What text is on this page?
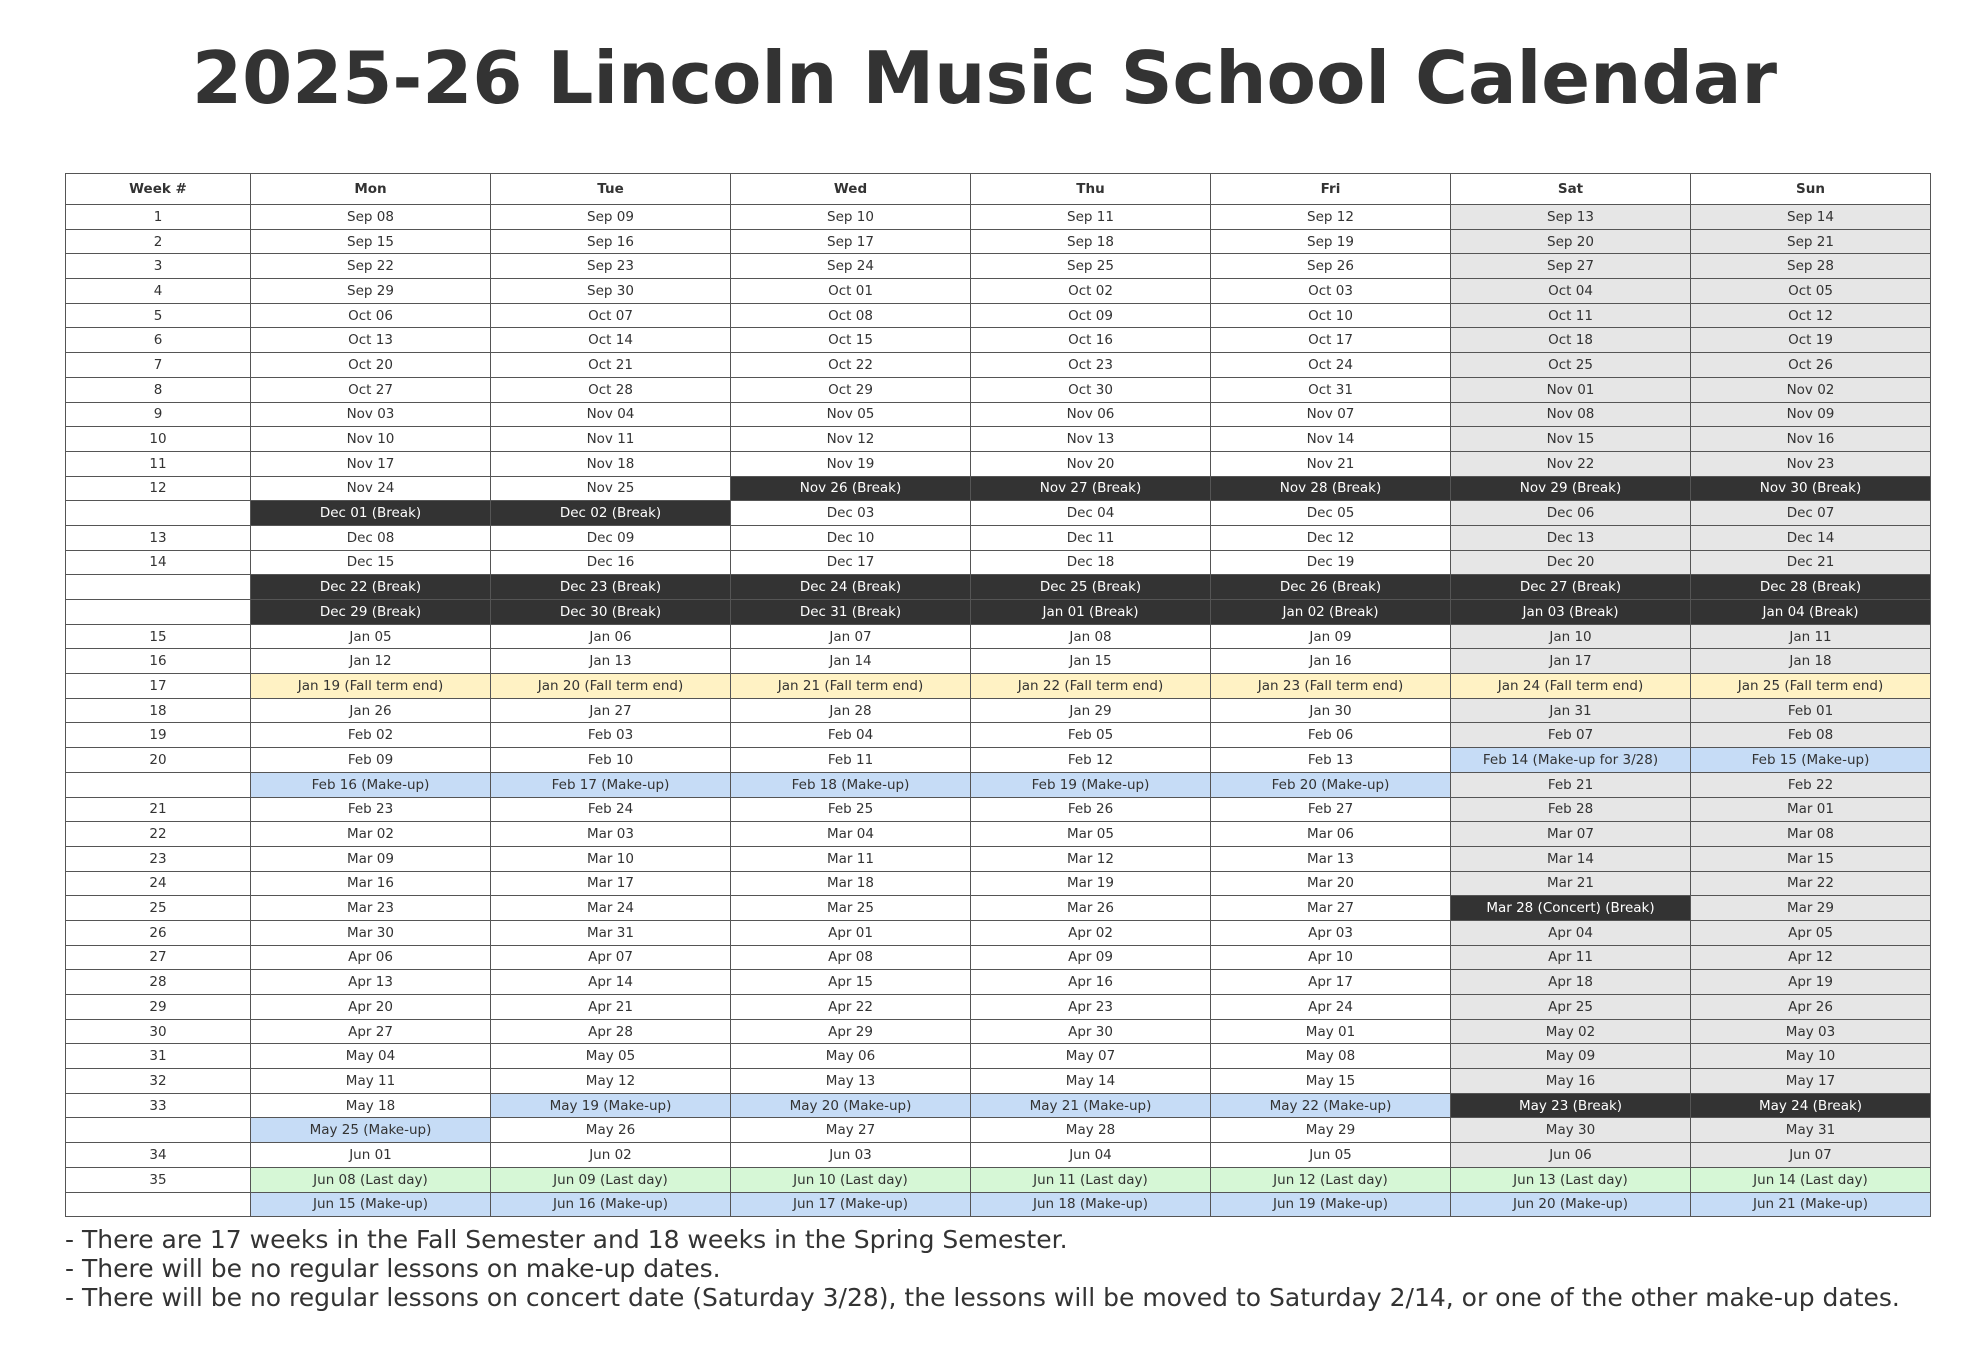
2025-26 Lincoln Music School Calendar
Week #	Mon	Tue	Wed	Thu	Fri	Sat	Sun
1	Sep 08	Sep 09	Sep 10	Sep 11	Sep 12	Sep 13	Sep 14
2	Sep 15	Sep 16	Sep 17	Sep 18	Sep 19	Sep 20	Sep 21
3	Sep 22	Sep 23	Sep 24	Sep 25	Sep 26	Sep 27	Sep 28
4	Sep 29	Sep 30	Oct 01	Oct 02	Oct 03	Oct 04	Oct 05
5	Oct 06	Oct 07	Oct 08	Oct 09	Oct 10	Oct 11	Oct 12
6	Oct 13	Oct 14	Oct 15	Oct 16	Oct 17	Oct 18	Oct 19
7	Oct 20	Oct 21	Oct 22	Oct 23	Oct 24	Oct 25	Oct 26
8	Oct 27	Oct 28	Oct 29	Oct 30	Oct 31	Nov 01	Nov 02
9	Nov 03	Nov 04	Nov 05	Nov 06	Nov 07	Nov 08	Nov 09
10	Nov 10	Nov 11	Nov 12	Nov 13	Nov 14	Nov 15	Nov 16
11	Nov 17	Nov 18	Nov 19	Nov 20	Nov 21	Nov 22	Nov 23
12	Nov 24	Nov 25	Nov 26 (Break)	Nov 27 (Break)	Nov 28 (Break)	Nov 29 (Break)	Nov 30 (Break)
	Dec 01 (Break)	Dec 02 (Break)	Dec 03	Dec 04	Dec 05	Dec 06	Dec 07
13	Dec 08	Dec 09	Dec 10	Dec 11	Dec 12	Dec 13	Dec 14
14	Dec 15	Dec 16	Dec 17	Dec 18	Dec 19	Dec 20	Dec 21
	Dec 22 (Break)	Dec 23 (Break)	Dec 24 (Break)	Dec 25 (Break)	Dec 26 (Break)	Dec 27 (Break)	Dec 28 (Break)
	Dec 29 (Break)	Dec 30 (Break)	Dec 31 (Break)	Jan 01 (Break)	Jan 02 (Break)	Jan 03 (Break)	Jan 04 (Break)
15	Jan 05	Jan 06	Jan 07	Jan 08	Jan 09	Jan 10	Jan 11
16	Jan 12	Jan 13	Jan 14	Jan 15	Jan 16	Jan 17	Jan 18
17	Jan 19 (Fall term end)	Jan 20 (Fall term end)	Jan 21 (Fall term end)	Jan 22 (Fall term end)	Jan 23 (Fall term end)	Jan 24 (Fall term end)	Jan 25 (Fall term end)
18	Jan 26	Jan 27	Jan 28	Jan 29	Jan 30	Jan 31	Feb 01
19	Feb 02	Feb 03	Feb 04	Feb 05	Feb 06	Feb 07	Feb 08
20	Feb 09	Feb 10	Feb 11	Feb 12	Feb 13	Feb 14 (Make-up for 3/28)	Feb 15 (Make-up)
	Feb 16 (Make-up)	Feb 17 (Make-up)	Feb 18 (Make-up)	Feb 19 (Make-up)	Feb 20 (Make-up)	Feb 21	Feb 22
21	Feb 23	Feb 24	Feb 25	Feb 26	Feb 27	Feb 28	Mar 01
22	Mar 02	Mar 03	Mar 04	Mar 05	Mar 06	Mar 07	Mar 08
23	Mar 09	Mar 10	Mar 11	Mar 12	Mar 13	Mar 14	Mar 15
24	Mar 16	Mar 17	Mar 18	Mar 19	Mar 20	Mar 21	Mar 22
25	Mar 23	Mar 24	Mar 25	Mar 26	Mar 27	Mar 28 (Concert) (Break)	Mar 29
26	Mar 30	Mar 31	Apr 01	Apr 02	Apr 03	Apr 04	Apr 05
27	Apr 06	Apr 07	Apr 08	Apr 09	Apr 10	Apr 11	Apr 12
28	Apr 13	Apr 14	Apr 15	Apr 16	Apr 17	Apr 18	Apr 19
29	Apr 20	Apr 21	Apr 22	Apr 23	Apr 24	Apr 25	Apr 26
30	Apr 27	Apr 28	Apr 29	Apr 30	May 01	May 02	May 03
31	May 04	May 05	May 06	May 07	May 08	May 09	May 10
32	May 11	May 12	May 13	May 14	May 15	May 16	May 17
33	May 18	May 19 (Make-up)	May 20 (Make-up)	May 21 (Make-up)	May 22 (Make-up)	May 23 (Break)	May 24 (Break)
	May 25 (Make-up)	May 26	May 27	May 28	May 29	May 30	May 31
34	Jun 01	Jun 02	Jun 03	Jun 04	Jun 05	Jun 06	Jun 07
35	Jun 08 (Last day)	Jun 09 (Last day)	Jun 10 (Last day)	Jun 11 (Last day)	Jun 12 (Last day)	Jun 13 (Last day)	Jun 14 (Last day)
	Jun 15 (Make-up)	Jun 16 (Make-up)	Jun 17 (Make-up)	Jun 18 (Make-up)	Jun 19 (Make-up)	Jun 20 (Make-up)	Jun 21 (Make-up)
- There are 17 weeks in the Fall Semester and 18 weeks in the Spring Semester.
- There will be no regular lessons on make-up dates.
- There will be no regular lessons on concert date (Saturday 3/28), the lessons will be moved to Saturday 2/14, or one of the other make-up dates.
